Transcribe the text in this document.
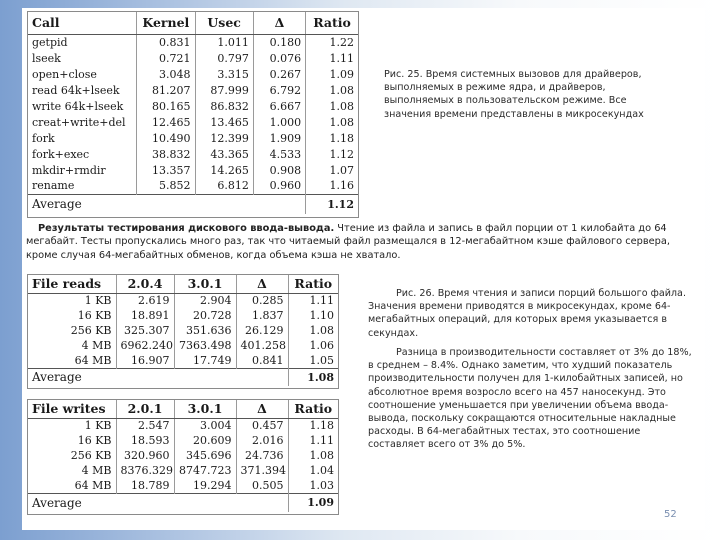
Call	Kernel	Usec	Δ	Ratio
getpid	0.831	1.011	0.180	1.22
lseek	0.721	0.797	0.076	1.11
open+close	3.048	3.315	0.267	1.09
read 64k+lseek	81.207	87.999	6.792	1.08
write 64k+lseek	80.165	86.832	6.667	1.08
creat+write+del	12.465	13.465	1.000	1.08
fork	10.490	12.399	1.909	1.18
fork+exec	38.832	43.365	4.533	1.12
mkdir+rmdir	13.357	14.265	0.908	1.07
rename	5.852	6.812	0.960	1.16
Average				1.12
Рис. 25. Время системных вызовов для драйверов, выполняемых в режиме ядра, и драйверов, выполняемых в пользовательском режиме. Все значения времени представлены в микросекундах
Результаты тестирования дискового ввода-вывода. Чтение из файла и запись в файл порции от 1 килобайта до 64 мегабайт. Тесты пропускались много раз, так что читаемый файл размещался в 12-мегабайтном кэше файлового сервера, кроме случая 64-мегабайтных обменов, когда объема кэша не хватало.
File reads	2.0.4	3.0.1	Δ	Ratio
1 KB	2.619	2.904	0.285	1.11
16 KB	18.891	20.728	1.837	1.10
256 KB	325.307	351.636	26.129	1.08
4 MB	6962.240	7363.498	401.258	1.06
64 MB	16.907	17.749	0.841	1.05
Average				1.08
File writes	2.0.1	3.0.1	Δ	Ratio
1 KB	2.547	3.004	0.457	1.18
16 KB	18.593	20.609	2.016	1.11
256 KB	320.960	345.696	24.736	1.08
4 MB	8376.329	8747.723	371.394	1.04
64 MB	18.789	19.294	0.505	1.03
Average				1.09
Рис. 26. Время чтения и записи порций большого файла. Значения времени приводятся в микросекундах, кроме 64-мегабайтных операций, для которых время указывается в секундах.
Разница в производительности составляет от 3% до 18%, в среднем – 8.4%. Однако заметим, что худший показатель производительности получен для 1-килобайтных записей, но абсолютное время возросло всего на 457 наносекунд. Это соотношение уменьшается при увеличении объема ввода-вывода, поскольку сокращаются относительные накладные расходы. В 64-мегабайтных тестах, это соотношение составляет всего от 3% до 5%.
52
